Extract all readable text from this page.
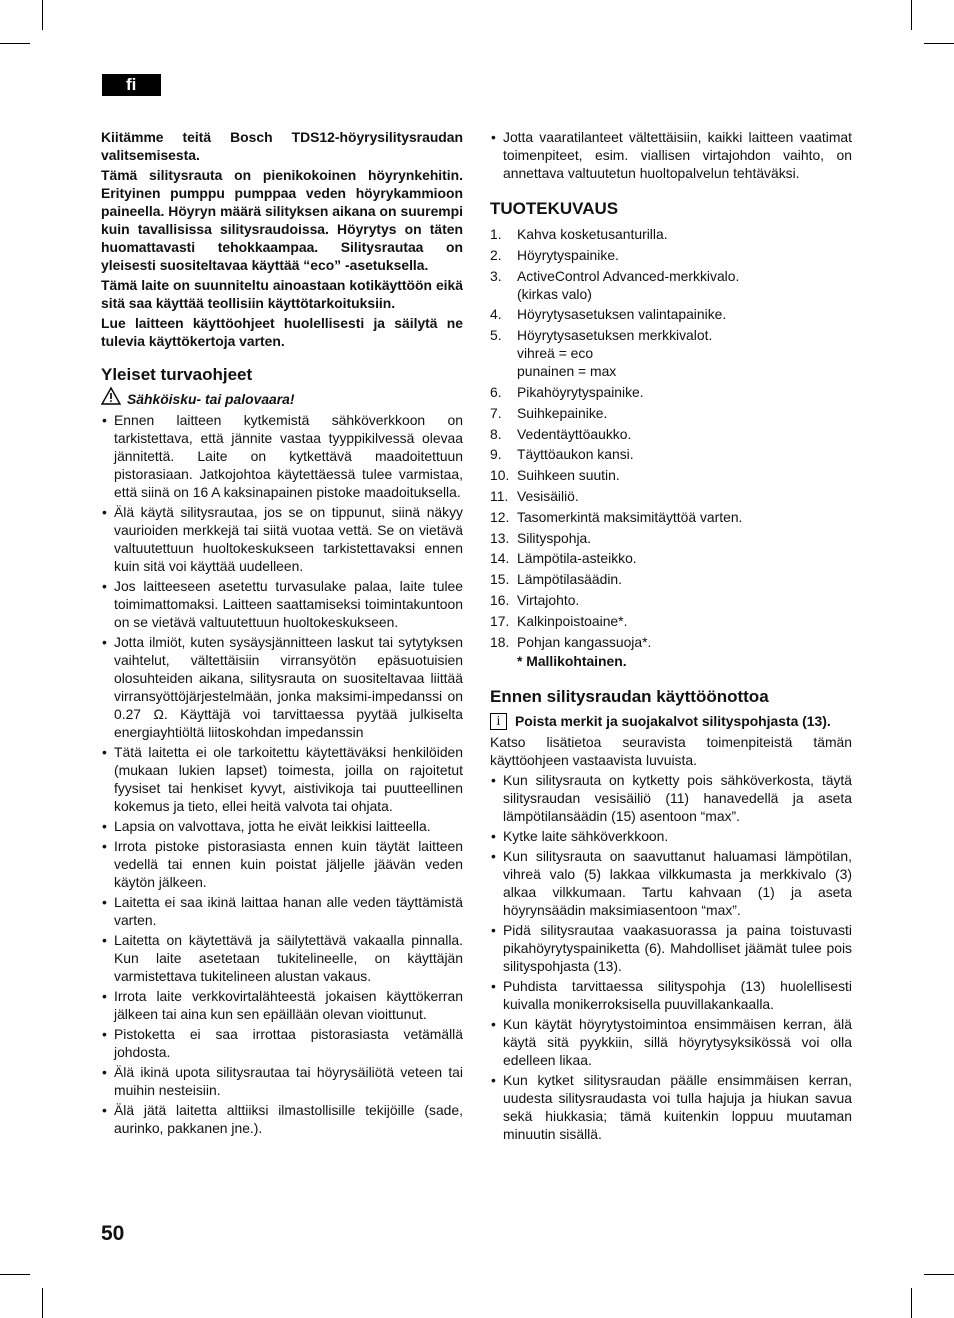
fi

Kiitämme teitä Bosch TDS12-höyrysilitysraudan valitsemisesta.

Tämä silitysrauta on pienikokoinen höyrynkehitin. Erityinen pumppu pumppaa veden höyrykammioon paineella. Höyryn määrä silityksen aikana on suurempi kuin tavallisissa silitysraudoissa. Höyrytys on täten huomattavasti tehokkaampaa. Silitysrautaa on yleisesti suositeltavaa käyttää “eco” -asetuksella.

Tämä laite on suunniteltu ainoastaan kotikäyttöön eikä sitä saa käyttää teollisiin käyttötarkoituksiin.

Lue laitteen käyttöohjeet huolellisesti ja säilytä ne tulevia käyttökertoja varten.

Yleiset turvaohjeet
Sähköisku- tai palovaara!
• Ennen laitteen kytkemistä sähköverkkoon on tarkistettava, että jännite vastaa tyyppikilvessä olevaa jännitettä. Laite on kytkettävä maadoitettuun pistorasiaan. Jatkojohtoa käytettäessä tulee varmistaa, että siinä on 16 A kaksinapainen pistoke maadoituksella.
• Älä käytä silitysrautaa, jos se on tippunut, siinä näkyy vaurioiden merkkejä tai siitä vuotaa vettä. Se on vietävä valtuutettuun huoltokeskukseen tarkistettavaksi ennen kuin sitä voi käyttää uudelleen.
• Jos laitteeseen asetettu turvasulake palaa, laite tulee toimimattomaksi. Laitteen saattamiseksi toimintakuntoon on se vietävä valtuutettuun huoltokeskukseen.
• Jotta ilmiöt, kuten sysäysjännitteen laskut tai sytytyksen vaihtelut, vältettäisiin virransyötön epäsuotuisien olosuhteiden aikana, silitysrauta on suositeltavaa liittää virransyöttöjärjestelmään, jonka maksimi-impedanssi on 0.27 Ω. Käyttäjä voi tarvittaessa pyytää julkiselta energiayhtiöltä liitoskohdan impedanssin
• Tätä laitetta ei ole tarkoitettu käytettäväksi henkilöiden (mukaan lukien lapset) toimesta, joilla on rajoitetut fyysiset tai henkiset kyvyt, aistivikoja tai puutteellinen kokemus ja tieto, ellei heitä valvota tai ohjata.
• Lapsia on valvottava, jotta he eivät leikkisi laitteella.
• Irrota pistoke pistorasiasta ennen kuin täytät laitteen vedellä tai ennen kuin poistat jäljelle jäävän veden käytön jälkeen.
• Laitetta ei saa ikinä laittaa hanan alle veden täyttämistä varten.
• Laitetta on käytettävä ja säilytettävä vakaalla pinnalla. Kun laite asetetaan tukitelineelle, on käyttäjän varmistettava tukitelineen alustan vakaus.
• Irrota laite verkkovirtalähteestä jokaisen käyttökerran jälkeen tai aina kun sen epäillään olevan vioittunut.
• Pistoketta ei saa irrottaa pistorasiasta vetämällä johdosta.
• Älä ikinä upota silitysrautaa tai höyrysäiliötä veteen tai muihin nesteisiin.
• Älä jätä laitetta alttiiksi ilmastollisille tekijöille (sade, aurinko, pakkanen jne.).
• Jotta vaaratilanteet vältettäisiin, kaikki laitteen vaatimat toimenpiteet, esim. viallisen virtajohdon vaihto, on annettava valtuutetun huoltopalvelun tehtäväksi.
TUOTEKUVAUS
1.	Kahva kosketusanturilla.
2.	Höyrytyspainike.
3.	ActiveControl Advanced-merkkivalo.
(kirkas valo)
4.	Höyrytysasetuksen valintapainike.
5.	Höyrytysasetuksen merkkivalot.
vihreä = eco
punainen = max
6.	Pikahöyrytyspainike.
7.	Suihkepainike.
8.	Vedentäyttöaukko.
9.	Täyttöaukon kansi.
10. Suihkeen suutin.
11. Vesisäiliö.
12. Tasomerkintä maksimitäyttöä varten.
13. Silityspohja.
14. Lämpötila-asteikko.
15. Lämpötilasäädin.
16. Virtajohto.
17. Kalkinpoistoaine*.
18. Pohjan kangassuoja*.
* Mallikohtainen.
Ennen silitysraudan käyttöönottoa
i	Poista merkit ja suojakalvot silityspohjasta (13).

Katso lisätietoa seuravista toimenpiteistä tämän käyttöohjeen vastaavista luvuista.

• Kun silitysrauta on kytketty pois sähköverkosta, täytä silitysraudan vesisäiliö (11) hanavedellä ja aseta lämpötilansäädin (15) asentoon “max”.
• Kytke laite sähköverkkoon.
• Kun silitysrauta on saavuttanut haluamasi lämpötilan, vihreä valo (5) lakkaa vilkkumasta ja merkkivalo (3) alkaa vilkkumaan. Tartu kahvaan (1) ja aseta höyrynsäädin maksimiasentoon “max”.
• Pidä silitysrautaa vaakasuorassa ja paina toistuvasti pikahöyrytyspainiketta (6). Mahdolliset jäämät tulee pois silityspohjasta (13).
• Puhdista tarvittaessa silityspohja (13) huolellisesti kuivalla monikerroksisella puuvillakankaalla.
• Kun käytät höyrytystoimintoa ensimmäisen kerran, älä käytä sitä pyykkiin, sillä höyrytysyksikössä voi olla edelleen likaa.
• Kun kytket silitysraudan päälle ensimmäisen kerran, uudesta silitysraudasta voi tulla hajuja ja hiukan savua sekä hiukkasia; tämä kuitenkin loppuu muutaman minuutin sisällä.
50
